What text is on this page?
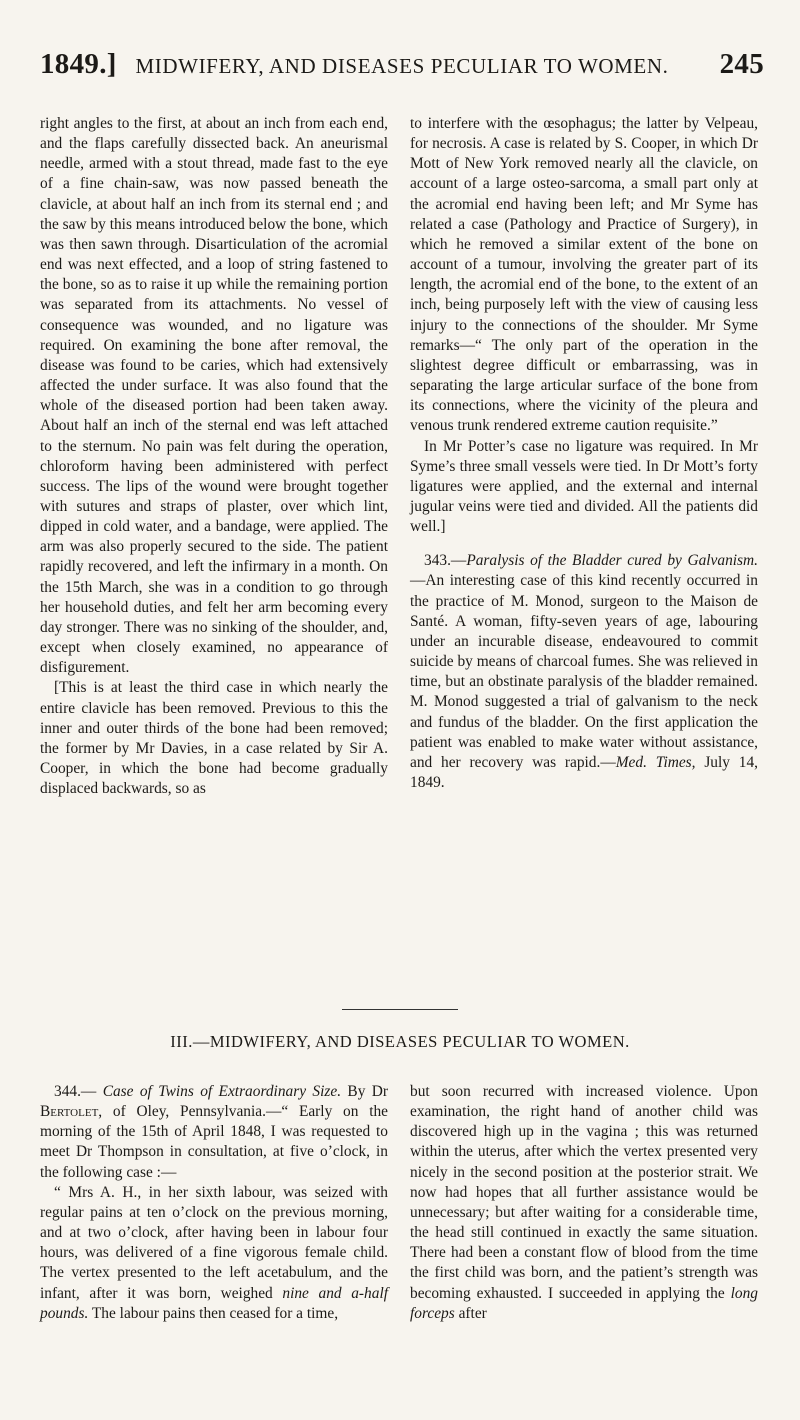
1849.] MIDWIFERY, AND DISEASES PECULIAR TO WOMEN.	245

right angles to the first, at about an inch from each end, and the flaps carefully dissected back. An aneurismal needle, armed with a stout thread, made fast to the eye of a fine chain-saw, was now passed beneath the clavicle, at about half an inch from its sternal end ; and the saw by this means introduced below the bone, which was then sawn through. Disarticulation of the acromial end was next effected, and a loop of string fastened to the bone, so as to raise it up while the remaining portion was separated from its attachments. No vessel of consequence was wounded, and no ligature was required. On examining the bone after removal, the disease was found to be caries, which had extensively affected the under surface. It was also found that the whole of the diseased portion had been taken away. About half an inch of the sternal end was left attached to the sternum. No pain was felt during the operation, chloroform having been administered with perfect success. The lips of the wound were brought together with sutures and straps of plaster, over which lint, dipped in cold water, and a bandage, were applied. The arm was also properly secured to the side. The patient rapidly recovered, and left the infirmary in a month. On the 15th March, she was in a condition to go through her household duties, and felt her arm becoming every day stronger. There was no sinking of the shoulder, and, except when closely examined, no appearance of disfigurement.

[This is at least the third case in which nearly the entire clavicle has been removed. Previous to this the inner and outer thirds of the bone had been removed; the former by Mr Davies, in a case related by Sir A. Cooper, in which the bone had become gradually displaced backwards, so as

to interfere with the œsophagus; the latter by Velpeau, for necrosis. A case is related by S. Cooper, in which Dr Mott of New York removed nearly all the clavicle, on account of a large osteo-sarcoma, a small part only at the acromial end having been left; and Mr Syme has related a case (Pathology and Practice of Surgery), in which he removed a similar extent of the bone on account of a tumour, involving the greater part of its length, the acromial end of the bone, to the extent of an inch, being purposely left with the view of causing less injury to the connections of the shoulder. Mr Syme remarks—“ The only part of the operation in the slightest degree difficult or embarrassing, was in separating the large articular surface of the bone from its connections, where the vicinity of the pleura and venous trunk rendered extreme caution requisite.”

In Mr Potter’s case no ligature was required. In Mr Syme’s three small vessels were tied. In Dr Mott’s forty ligatures were applied, and the external and internal jugular veins were tied and divided. All the patients did well.]

343.—Paralysis of the Bladder cured by Galvanism.—An interesting case of this kind recently occurred in the practice of M. Monod, surgeon to the Maison de Santé. A woman, fifty-seven years of age, labouring under an incurable disease, endeavoured to commit suicide by means of charcoal fumes. She was relieved in time, but an obstinate paralysis of the bladder remained. M. Monod suggested a trial of galvanism to the neck and fundus of the bladder. On the first application the patient was enabled to make water without assistance, and her recovery was rapid.—Med. Times, July 14, 1849.

III.—MIDWIFERY, AND DISEASES PECULIAR TO WOMEN.

344.— Case of Twins of Extraordinary Size. By Dr Bertolet, of Oley, Pennsylvania.—“ Early on the morning of the 15th of April 1848, I was requested to meet Dr Thompson in consultation, at five o’clock, in the following case :—

“ Mrs A. H., in her sixth labour, was seized with regular pains at ten o’clock on the previous morning, and at two o’clock, after having been in labour four hours, was delivered of a fine vigorous female child. The vertex presented to the left acetabulum, and the infant, after it was born, weighed nine and a-half pounds. The labour pains then ceased for a time,

but soon recurred with increased violence. Upon examination, the right hand of another child was discovered high up in the vagina ; this was returned within the uterus, after which the vertex presented very nicely in the second position at the posterior strait. We now had hopes that all further assistance would be unnecessary; but after waiting for a considerable time, the head still continued in exactly the same situation. There had been a constant flow of blood from the time the first child was born, and the patient’s strength was becoming exhausted. I succeeded in applying the long forceps after
